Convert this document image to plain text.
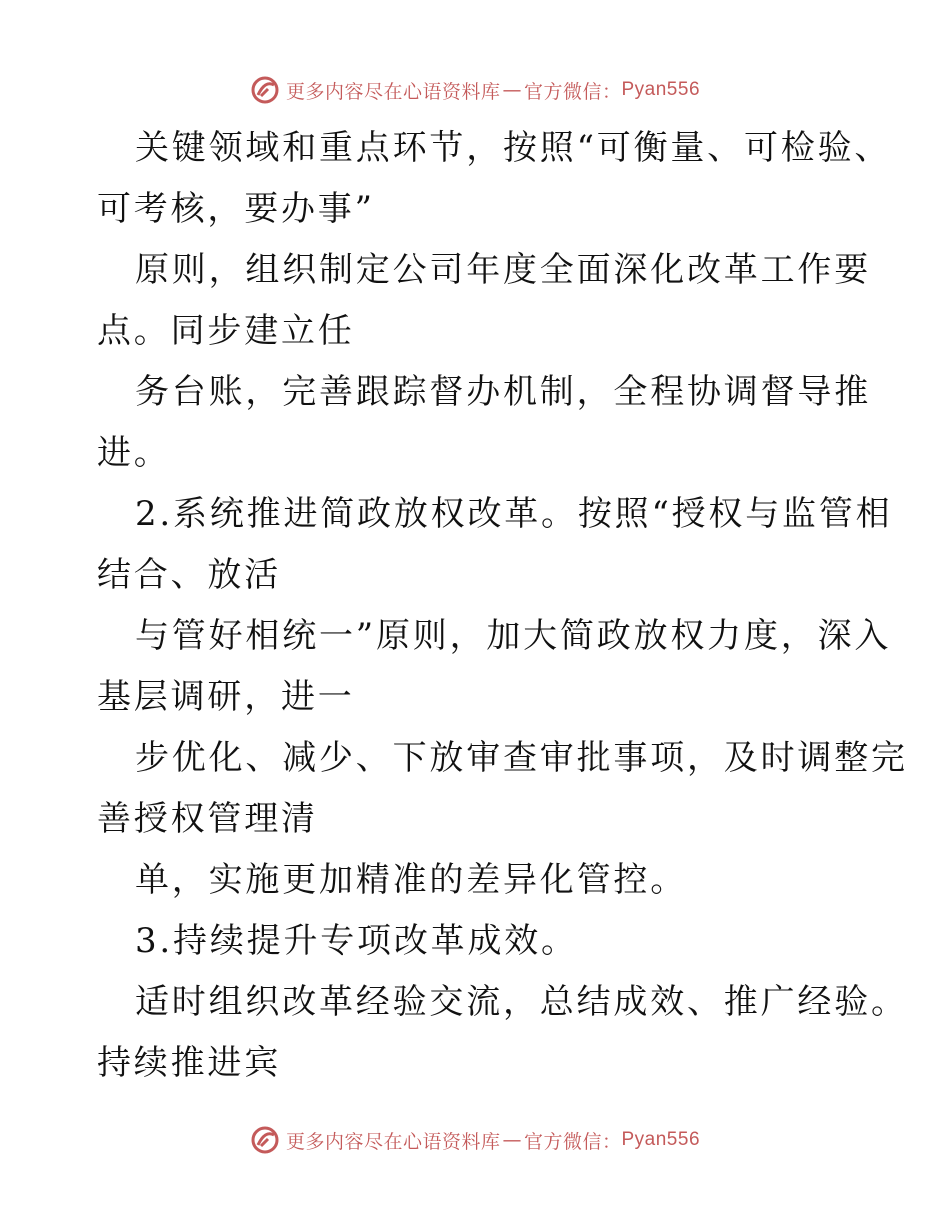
更多内容尽在心语资料库 — 官方微信： Pyan556
关键领域和重点环节，按照“可衡量、可检验、
可考核，要办事”
原则，组织制定公司年度全面深化改革工作要
点。同步建立任
务台账，完善跟踪督办机制，全程协调督导推
进。
2.系统推进简政放权改革。按照“授权与监管相
结合、放活
与管好相统一”原则，加大简政放权力度，深入
基层调研，进一
步优化、减少、下放审查审批事项，及时调整完
善授权管理清
单，实施更加精准的差异化管控。
3.持续提升专项改革成效。
适时组织改革经验交流，总结成效、推广经验。
持续推进宾
更多内容尽在心语资料库 — 官方微信： Pyan556
